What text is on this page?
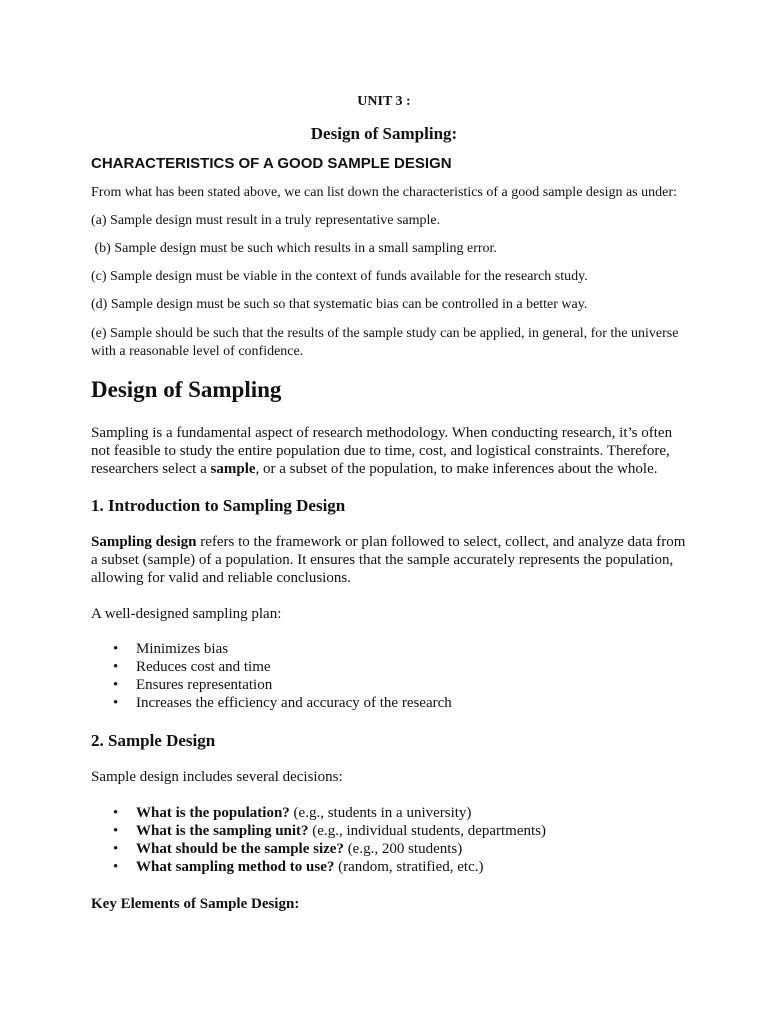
UNIT 3 :

Design of Sampling:

CHARACTERISTICS OF A GOOD SAMPLE DESIGN

From what has been stated above, we can list down the characteristics of a good sample design as under:

(a) Sample design must result in a truly representative sample.

(b) Sample design must be such which results in a small sampling error.

(c) Sample design must be viable in the context of funds available for the research study.

(d) Sample design must be such so that systematic bias can be controlled in a better way.

(e) Sample should be such that the results of the sample study can be applied, in general, for the universe with a reasonable level of confidence.

Design of Sampling

Sampling is a fundamental aspect of research methodology. When conducting research, it’s often not feasible to study the entire population due to time, cost, and logistical constraints. Therefore, researchers select a sample, or a subset of the population, to make inferences about the whole.

1. Introduction to Sampling Design

Sampling design refers to the framework or plan followed to select, collect, and analyze data from a subset (sample) of a population. It ensures that the sample accurately represents the population, allowing for valid and reliable conclusions.

A well-designed sampling plan:

• Minimizes bias
• Reduces cost and time
• Ensures representation
• Increases the efficiency and accuracy of the research

2. Sample Design

Sample design includes several decisions:

• What is the population? (e.g., students in a university)
• What is the sampling unit? (e.g., individual students, departments)
• What should be the sample size? (e.g., 200 students)
• What sampling method to use? (random, stratified, etc.)

Key Elements of Sample Design:
